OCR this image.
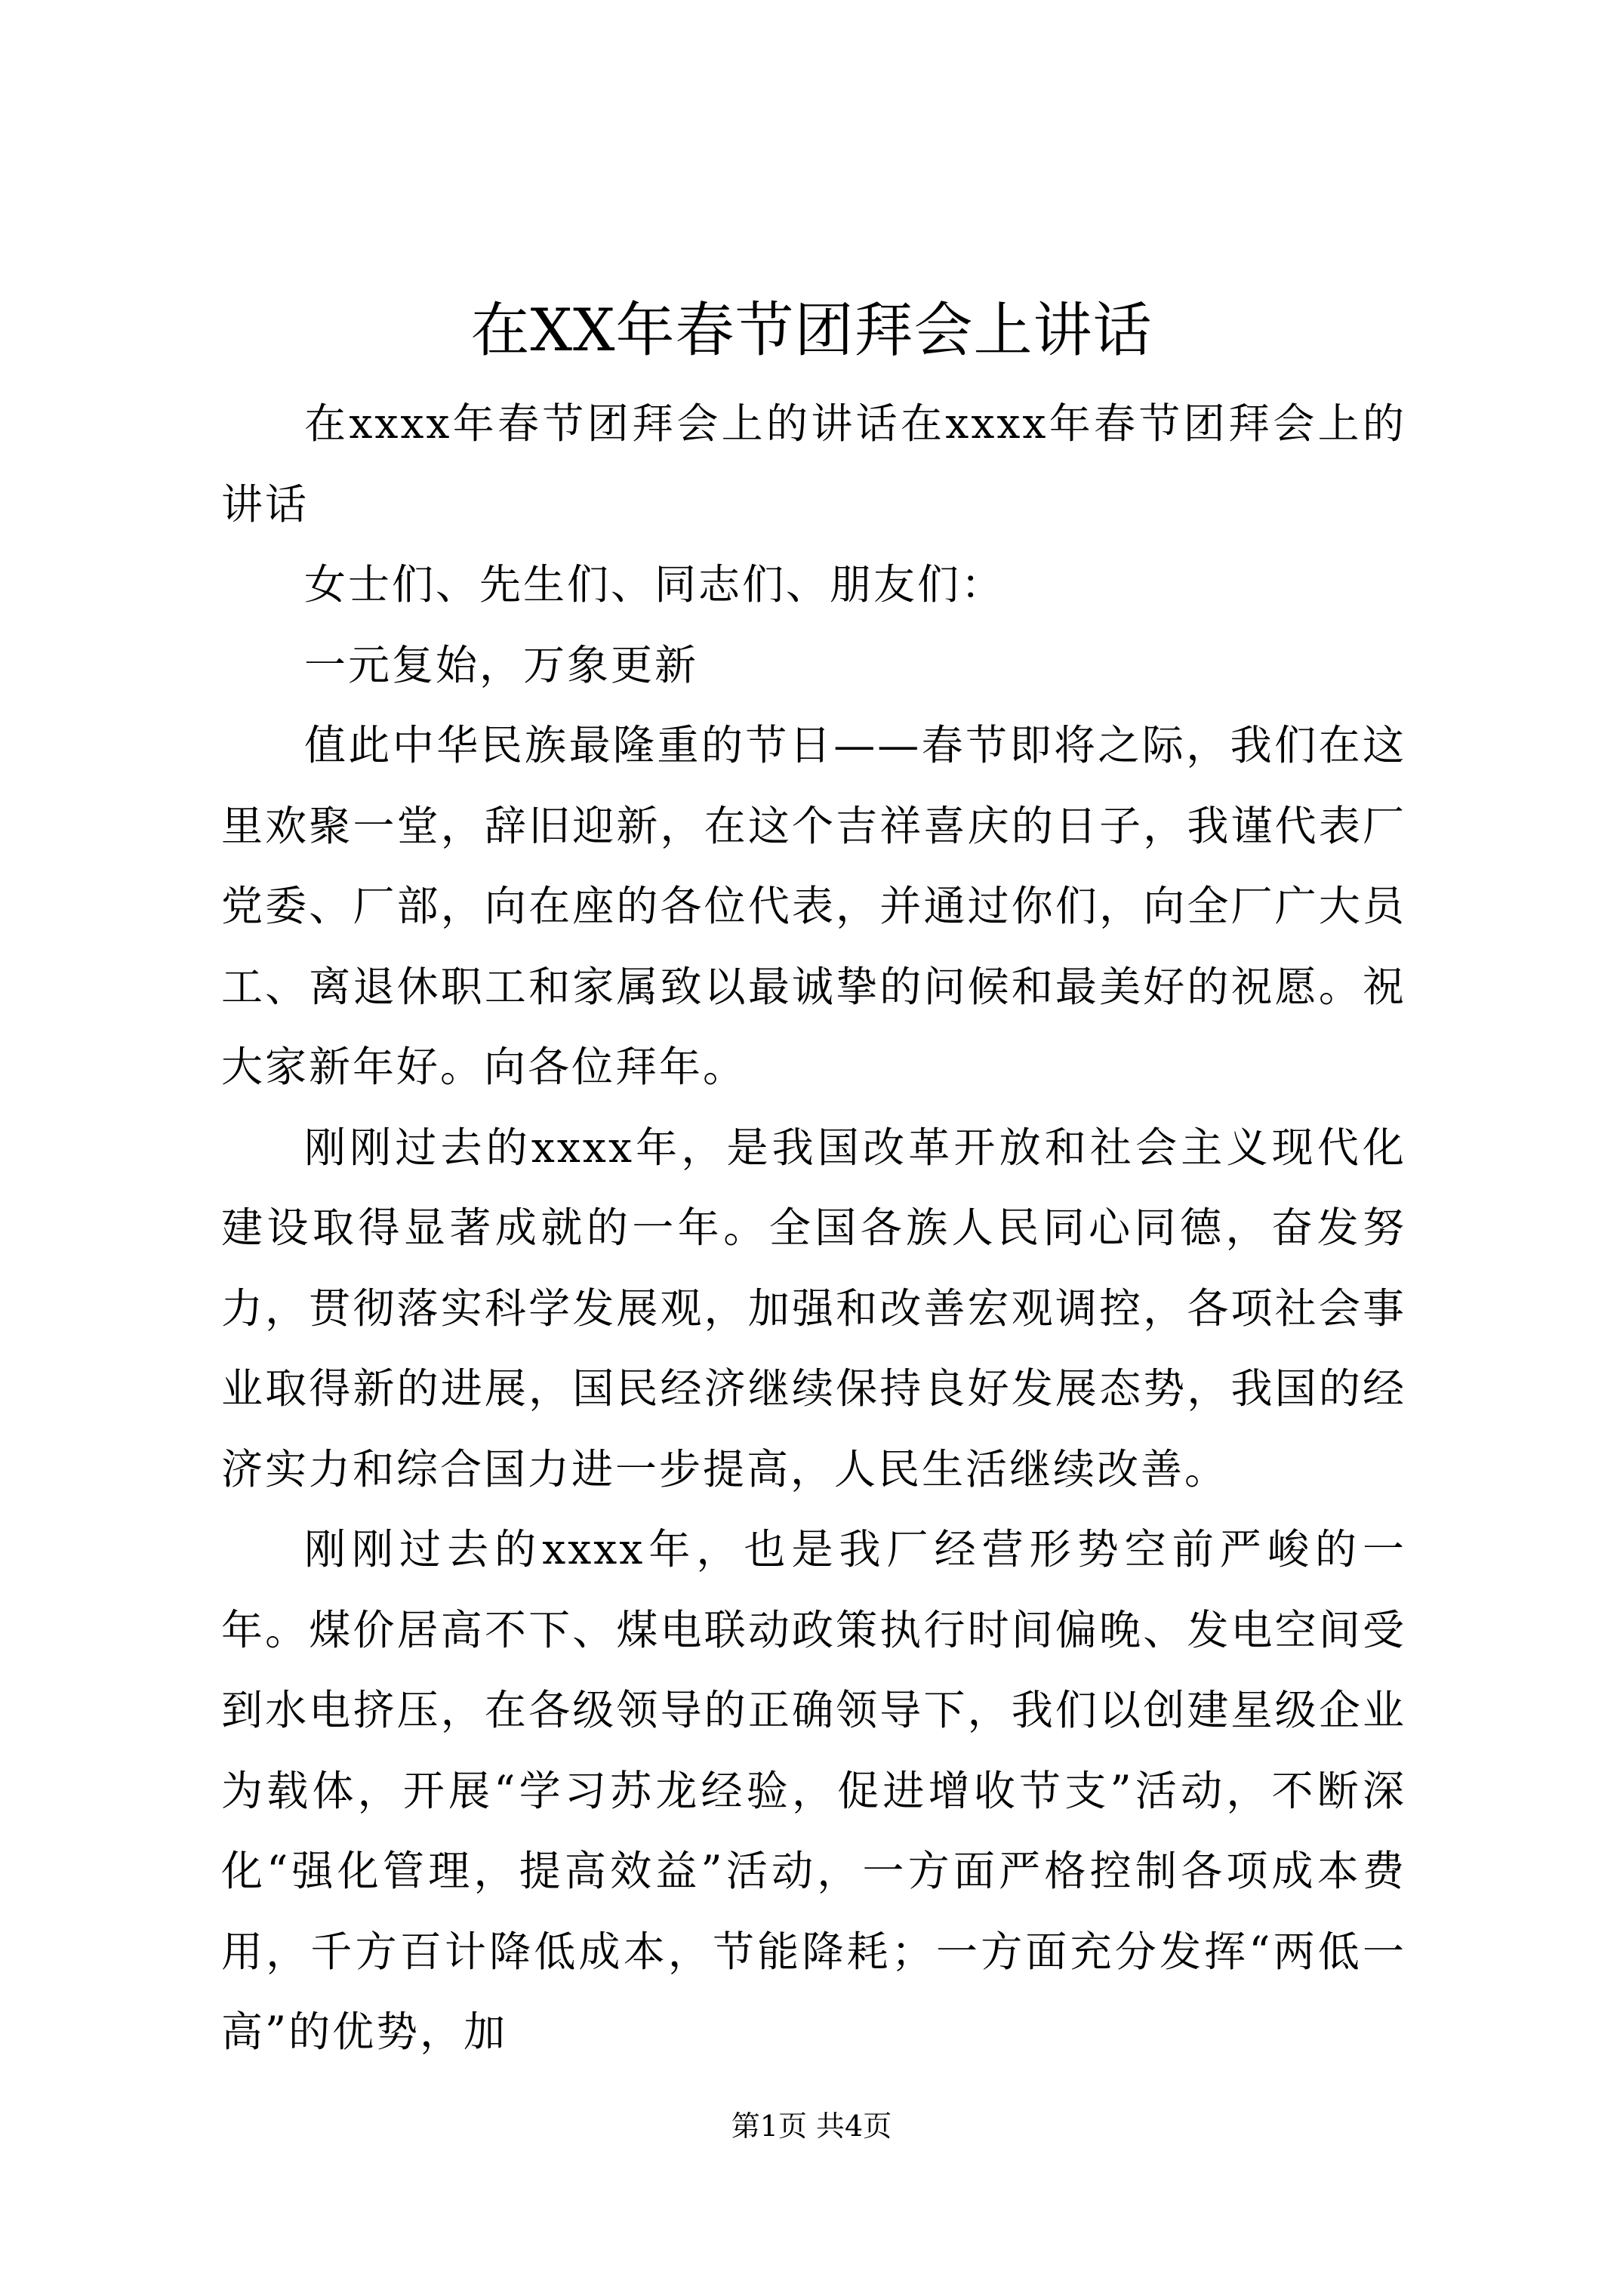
在XX年春节团拜会上讲话

在xxxx年春节团拜会上的讲话在xxxx年春节团拜会上的讲话

女士们、先生们、同志们、朋友们：

一元复始，万象更新

值此中华民族最隆重的节日——春节即将之际，我们在这里欢聚一堂，辞旧迎新，在这个吉祥喜庆的日子，我谨代表厂党委、厂部，向在座的各位代表，并通过你们，向全厂广大员工、离退休职工和家属致以最诚挚的问候和最美好的祝愿。祝大家新年好。向各位拜年。

刚刚过去的xxxx年，是我国改革开放和社会主义现代化建设取得显著成就的一年。全国各族人民同心同德，奋发努力，贯彻落实科学发展观，加强和改善宏观调控，各项社会事业取得新的进展，国民经济继续保持良好发展态势，我国的经济实力和综合国力进一步提高，人民生活继续改善。

刚刚过去的xxxx年，也是我厂经营形势空前严峻的一年。煤价居高不下、煤电联动政策执行时间偏晚、发电空间受到水电挤压，在各级领导的正确领导下，我们以创建星级企业为载体，开展“学习苏龙经验，促进增收节支”活动，不断深化“强化管理，提高效益”活动，一方面严格控制各项成本费用，千方百计降低成本，节能降耗；一方面充分发挥“两低一高”的优势，加

第1页 共4页
